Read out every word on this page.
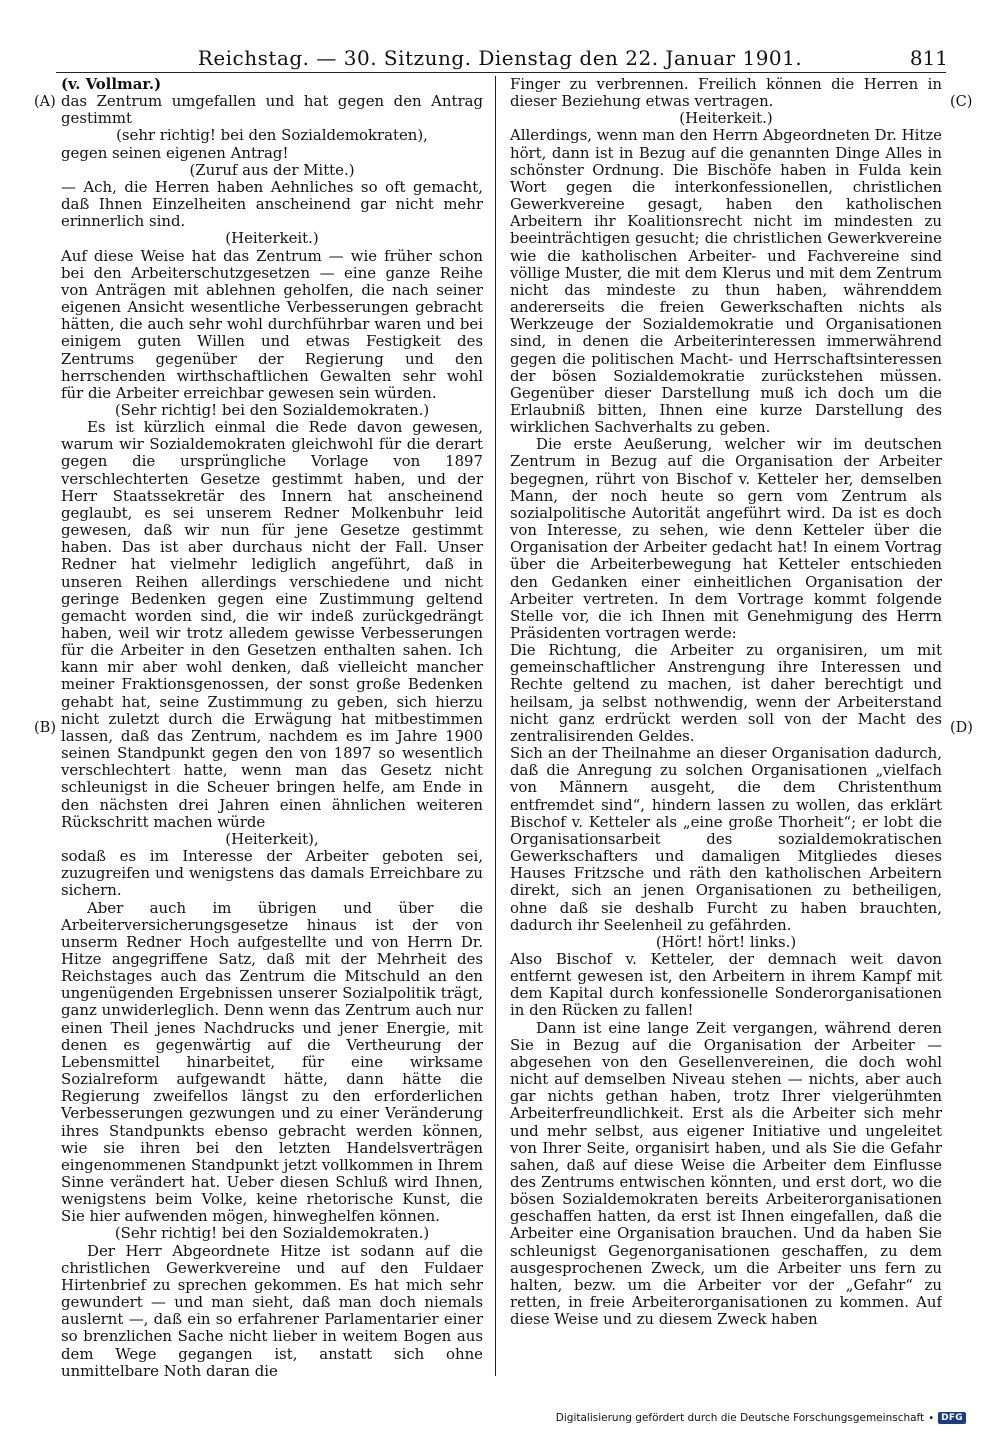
Reichstag. — 30. Sitzung. Dienstag den 22. Januar 1901.	811
(A)
(B)
(C)
(D)

(v. Vollmar.)

das Zentrum umgefallen und hat gegen den Antrag gestimmt

(sehr richtig! bei den Sozialdemokraten),

gegen seinen eigenen Antrag!

(Zuruf aus der Mitte.)

— Ach, die Herren haben Aehnliches so oft gemacht, daß Ihnen Einzelheiten anscheinend gar nicht mehr erinnerlich sind.

(Heiterkeit.)

Auf diese Weise hat das Zentrum — wie früher schon bei den Arbeiterschutzgesetzen — eine ganze Reihe von Anträgen mit ablehnen geholfen, die nach seiner eigenen Ansicht wesentliche Verbesserungen gebracht hätten, die auch sehr wohl durchführbar waren und bei einigem guten Willen und etwas Festigkeit des Zentrums gegenüber der Regierung und den herrschenden wirthschaftlichen Gewalten sehr wohl für die Arbeiter erreichbar gewesen sein würden.

(Sehr richtig! bei den Sozialdemokraten.)

Es ist kürzlich einmal die Rede davon gewesen, warum wir Sozialdemokraten gleichwohl für die derart gegen die ursprüngliche Vorlage von 1897 verschlechterten Gesetze gestimmt haben, und der Herr Staatssekretär des Innern hat anscheinend geglaubt, es sei unserem Redner Molkenbuhr leid gewesen, daß wir nun für jene Gesetze gestimmt haben. Das ist aber durchaus nicht der Fall. Unser Redner hat vielmehr lediglich angeführt, daß in unseren Reihen allerdings verschiedene und nicht geringe Bedenken gegen eine Zustimmung geltend gemacht worden sind, die wir indeß zurückgedrängt haben, weil wir trotz alledem gewisse Verbesserungen für die Arbeiter in den Gesetzen enthalten sahen. Ich kann mir aber wohl denken, daß vielleicht mancher meiner Fraktionsgenossen, der sonst große Bedenken gehabt hat, seine Zustimmung zu geben, sich hierzu nicht zuletzt durch die Erwägung hat mitbestimmen lassen, daß das Zentrum, nachdem es im Jahre 1900 seinen Standpunkt gegen den von 1897 so wesentlich verschlechtert hatte, wenn man das Gesetz nicht schleunigst in die Scheuer bringen helfe, am Ende in den nächsten drei Jahren einen ähnlichen weiteren Rückschritt machen würde

(Heiterkeit),

sodaß es im Interesse der Arbeiter geboten sei, zuzugreifen und wenigstens das damals Erreichbare zu sichern.

Aber auch im übrigen und über die Arbeiterversicherungsgesetze hinaus ist der von unserm Redner Hoch aufgestellte und von Herrn Dr. Hitze angegriffene Satz, daß mit der Mehrheit des Reichstages auch das Zentrum die Mitschuld an den ungenügenden Ergebnissen unserer Sozialpolitik trägt, ganz unwiderleglich. Denn wenn das Zentrum auch nur einen Theil jenes Nachdrucks und jener Energie, mit denen es gegenwärtig auf die Vertheurung der Lebensmittel hinarbeitet, für eine wirksame Sozialreform aufgewandt hätte, dann hätte die Regierung zweifellos längst zu den erforderlichen Verbesserungen gezwungen und zu einer Veränderung ihres Standpunkts ebenso gebracht werden können, wie sie ihren bei den letzten Handelsverträgen eingenommenen Standpunkt jetzt vollkommen in Ihrem Sinne verändert hat. Ueber diesen Schluß wird Ihnen, wenigstens beim Volke, keine rhetorische Kunst, die Sie hier aufwenden mögen, hinweghelfen können.

(Sehr richtig! bei den Sozialdemokraten.)

Der Herr Abgeordnete Hitze ist sodann auf die christlichen Gewerkvereine und auf den Fuldaer Hirtenbrief zu sprechen gekommen. Es hat mich sehr gewundert — und man sieht, daß man doch niemals auslernt —, daß ein so erfahrener Parlamentarier einer so brenzlichen Sache nicht lieber in weitem Bogen aus dem Wege gegangen ist, anstatt sich ohne unmittelbare Noth daran die

Finger zu verbrennen. Freilich können die Herren in dieser Beziehung etwas vertragen.

(Heiterkeit.)

Allerdings, wenn man den Herrn Abgeordneten Dr. Hitze hört, dann ist in Bezug auf die genannten Dinge Alles in schönster Ordnung. Die Bischöfe haben in Fulda kein Wort gegen die interkonfessionellen, christlichen Gewerkvereine gesagt, haben den katholischen Arbeitern ihr Koalitionsrecht nicht im mindesten zu beeinträchtigen gesucht; die christlichen Gewerkvereine wie die katholischen Arbeiter- und Fachvereine sind völlige Muster, die mit dem Klerus und mit dem Zentrum nicht das mindeste zu thun haben, währenddem andererseits die freien Gewerkschaften nichts als Werkzeuge der Sozialdemokratie und Organisationen sind, in denen die Arbeiterinteressen immerwährend gegen die politischen Macht- und Herrschaftsinteressen der bösen Sozialdemokratie zurückstehen müssen. Gegenüber dieser Darstellung muß ich doch um die Erlaubniß bitten, Ihnen eine kurze Darstellung des wirklichen Sachverhalts zu geben.

Die erste Aeußerung, welcher wir im deutschen Zentrum in Bezug auf die Organisation der Arbeiter begegnen, rührt von Bischof v. Ketteler her, demselben Mann, der noch heute so gern vom Zentrum als sozialpolitische Autorität angeführt wird. Da ist es doch von Interesse, zu sehen, wie denn Ketteler über die Organisation der Arbeiter gedacht hat! In einem Vortrag über die Arbeiterbewegung hat Ketteler entschieden den Gedanken einer einheitlichen Organisation der Arbeiter vertreten. In dem Vortrage kommt folgende Stelle vor, die ich Ihnen mit Genehmigung des Herrn Präsidenten vortragen werde:

Die Richtung, die Arbeiter zu organisiren, um mit gemeinschaftlicher Anstrengung ihre Interessen und Rechte geltend zu machen, ist daher berechtigt und heilsam, ja selbst nothwendig, wenn der Arbeiterstand nicht ganz erdrückt werden soll von der Macht des zentralisirenden Geldes.

Sich an der Theilnahme an dieser Organisation dadurch, daß die Anregung zu solchen Organisationen „vielfach von Männern ausgeht, die dem Christenthum entfremdet sind“, hindern lassen zu wollen, das erklärt Bischof v. Ketteler als „eine große Thorheit“; er lobt die Organisationsarbeit des sozialdemokratischen Gewerkschafters und damaligen Mitgliedes dieses Hauses Fritzsche und räth den katholischen Arbeitern direkt, sich an jenen Organisationen zu betheiligen, ohne daß sie deshalb Furcht zu haben brauchten, dadurch ihr Seelenheil zu gefährden.

(Hört! hört! links.)

Also Bischof v. Ketteler, der demnach weit davon entfernt gewesen ist, den Arbeitern in ihrem Kampf mit dem Kapital durch konfessionelle Sonderorganisationen in den Rücken zu fallen!

Dann ist eine lange Zeit vergangen, während deren Sie in Bezug auf die Organisation der Arbeiter — abgesehen von den Gesellenvereinen, die doch wohl nicht auf demselben Niveau stehen — nichts, aber auch gar nichts gethan haben, trotz Ihrer vielgerühmten Arbeiterfreundlichkeit. Erst als die Arbeiter sich mehr und mehr selbst, aus eigener Initiative und ungeleitet von Ihrer Seite, organisirt haben, und als Sie die Gefahr sahen, daß auf diese Weise die Arbeiter dem Einflusse des Zentrums entwischen könnten, und erst dort, wo die bösen Sozialdemokraten bereits Arbeiterorganisationen geschaffen hatten, da erst ist Ihnen eingefallen, daß die Arbeiter eine Organisation brauchen. Und da haben Sie schleunigst Gegenorganisationen geschaffen, zu dem ausgesprochenen Zweck, um die Arbeiter uns fern zu halten, bezw. um die Arbeiter vor der „Gefahr“ zu retten, in freie Arbeiterorganisationen zu kommen. Auf diese Weise und zu diesem Zweck haben

Digitalisierung gefördert durch die Deutsche Forschungsgemeinschaft • DFG
